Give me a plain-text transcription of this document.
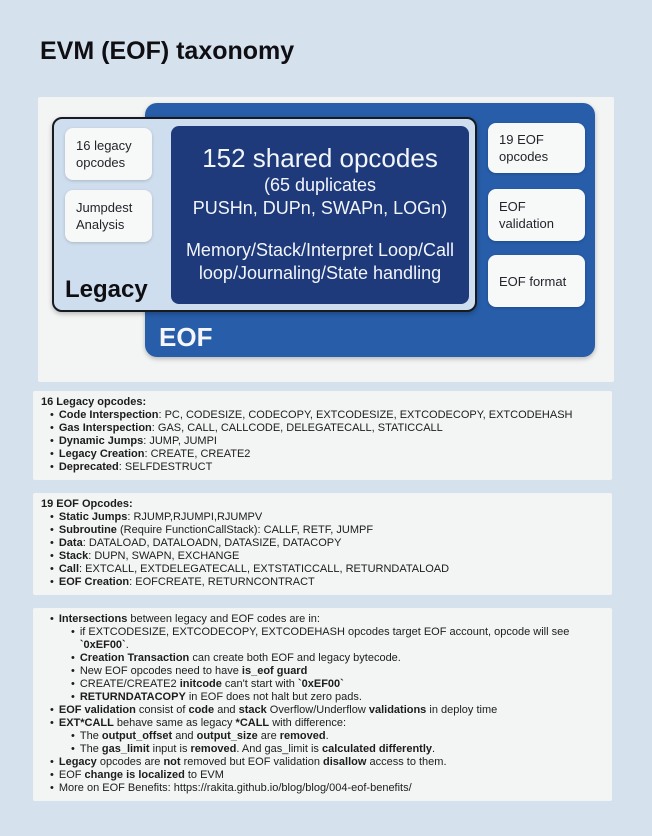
EVM (EOF) taxonomy
EOF
19 EOF opcodes
EOF validation
EOF format
16 legacy opcodes
Jumpdest Analysis
Legacy
152 shared opcodes
(65 duplicates
PUSHn, DUPn, SWAPn, LOGn)
Memory/Stack/Interpret Loop/Call loop/Journaling/State handling
16 Legacy opcodes:
• Code Interspection: PC, CODESIZE, CODECOPY, EXTCODESIZE, EXTCODECOPY, EXTCODEHASH
• Gas Interspection: GAS, CALL, CALLCODE, DELEGATECALL, STATICCALL
• Dynamic Jumps: JUMP, JUMPI
• Legacy Creation: CREATE, CREATE2
• Deprecated: SELFDESTRUCT
19 EOF Opcodes:
• Static Jumps: RJUMP,RJUMPI,RJUMPV
• Subroutine (Require FunctionCallStack): CALLF, RETF, JUMPF
• Data: DATALOAD, DATALOADN, DATASIZE, DATACOPY
• Stack: DUPN, SWAPN, EXCHANGE
• Call: EXTCALL, EXTDELEGATECALL, EXTSTATICCALL, RETURNDATALOAD
• EOF Creation: EOFCREATE, RETURNCONTRACT
• Intersections between legacy and EOF codes are in:
• if EXTCODESIZE, EXTCODECOPY, EXTCODEHASH opcodes target EOF account, opcode will see `0xEF00`.
• Creation Transaction can create both EOF and legacy bytecode.
• New EOF opcodes need to have is_eof guard
• CREATE/CREATE2 initcode can't start with `0xEF00`
• RETURNDATACOPY in EOF does not halt but zero pads.
• EOF validation consist of code and stack Overflow/Underflow validations in deploy time
• EXT*CALL behave same as legacy *CALL with difference:
• The output_offset and output_size are removed.
• The gas_limit input is removed. And gas_limit is calculated differently.
• Legacy opcodes are not removed but EOF validation disallow access to them.
• EOF change is localized to EVM
• More on EOF Benefits: https://rakita.github.io/blog/blog/004-eof-benefits/
